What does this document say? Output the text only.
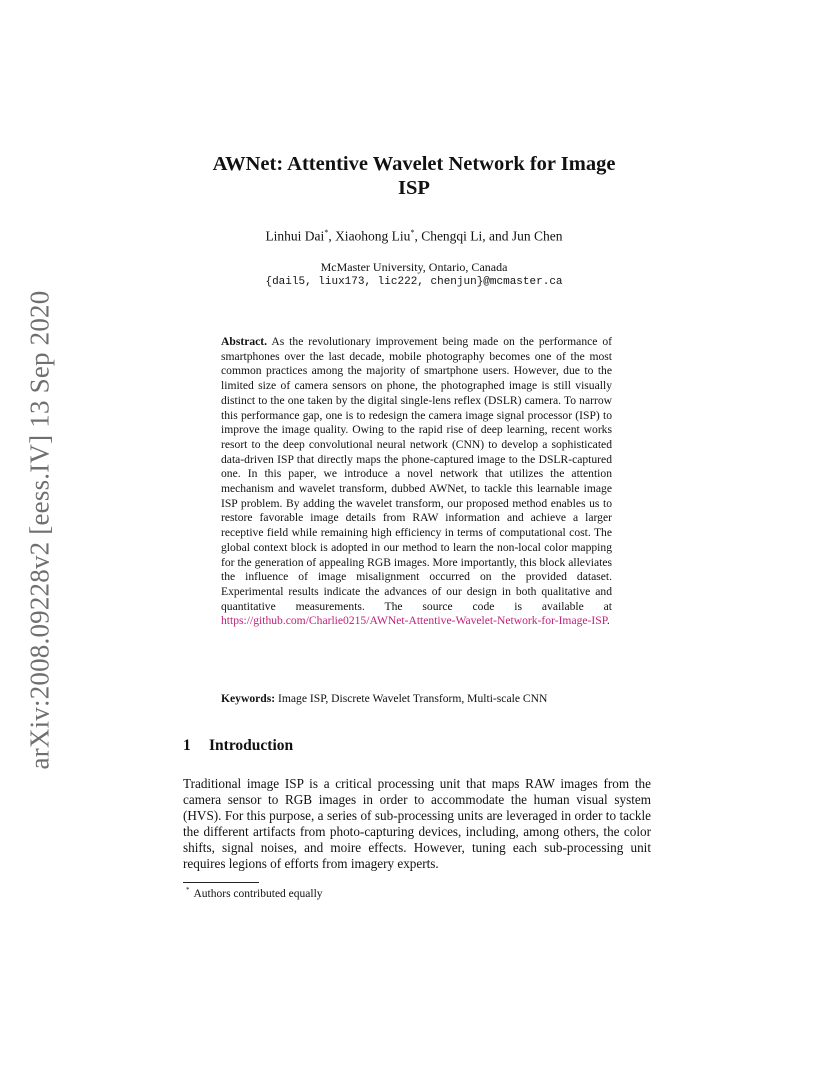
arXiv:2008.09228v2 [eess.IV] 13 Sep 2020
AWNet: Attentive Wavelet Network for Image
ISP
Linhui Dai*, Xiaohong Liu*, Chengqi Li, and Jun Chen
McMaster University, Ontario, Canada
{dail5, liux173, lic222, chenjun}@mcmaster.ca
Abstract. As the revolutionary improvement being made on the performance of smartphones over the last decade, mobile photography becomes one of the most common practices among the majority of smartphone users. However, due to the limited size of camera sensors on phone, the photographed image is still visually distinct to the one taken by the digital single-lens reflex (DSLR) camera. To narrow this performance gap, one is to redesign the camera image signal processor (ISP) to improve the image quality. Owing to the rapid rise of deep learning, recent works resort to the deep convolutional neural network (CNN) to develop a sophisticated data-driven ISP that directly maps the phone-captured image to the DSLR-captured one. In this paper, we introduce a novel network that utilizes the attention mechanism and wavelet transform, dubbed AWNet, to tackle this learnable image ISP problem. By adding the wavelet transform, our proposed method enables us to restore favorable image details from RAW information and achieve a larger receptive field while remaining high efficiency in terms of computational cost. The global context block is adopted in our method to learn the non-local color mapping for the generation of appealing RGB images. More importantly, this block alleviates the influence of image misalignment occurred on the provided dataset. Experimental results indicate the advances of our design in both qualitative and quantitative measurements. The source code is available at https://github.com/Charlie0215/AWNet-Attentive-Wavelet-Network-for-Image-ISP.
Keywords: Image ISP, Discrete Wavelet Transform, Multi-scale CNN
1 Introduction
Traditional image ISP is a critical processing unit that maps RAW images from the camera sensor to RGB images in order to accommodate the human visual system (HVS). For this purpose, a series of sub-processing units are leveraged in order to tackle the different artifacts from photo-capturing devices, including, among others, the color shifts, signal noises, and moire effects. However, tuning each sub-processing unit requires legions of efforts from imagery experts.
* Authors contributed equally
